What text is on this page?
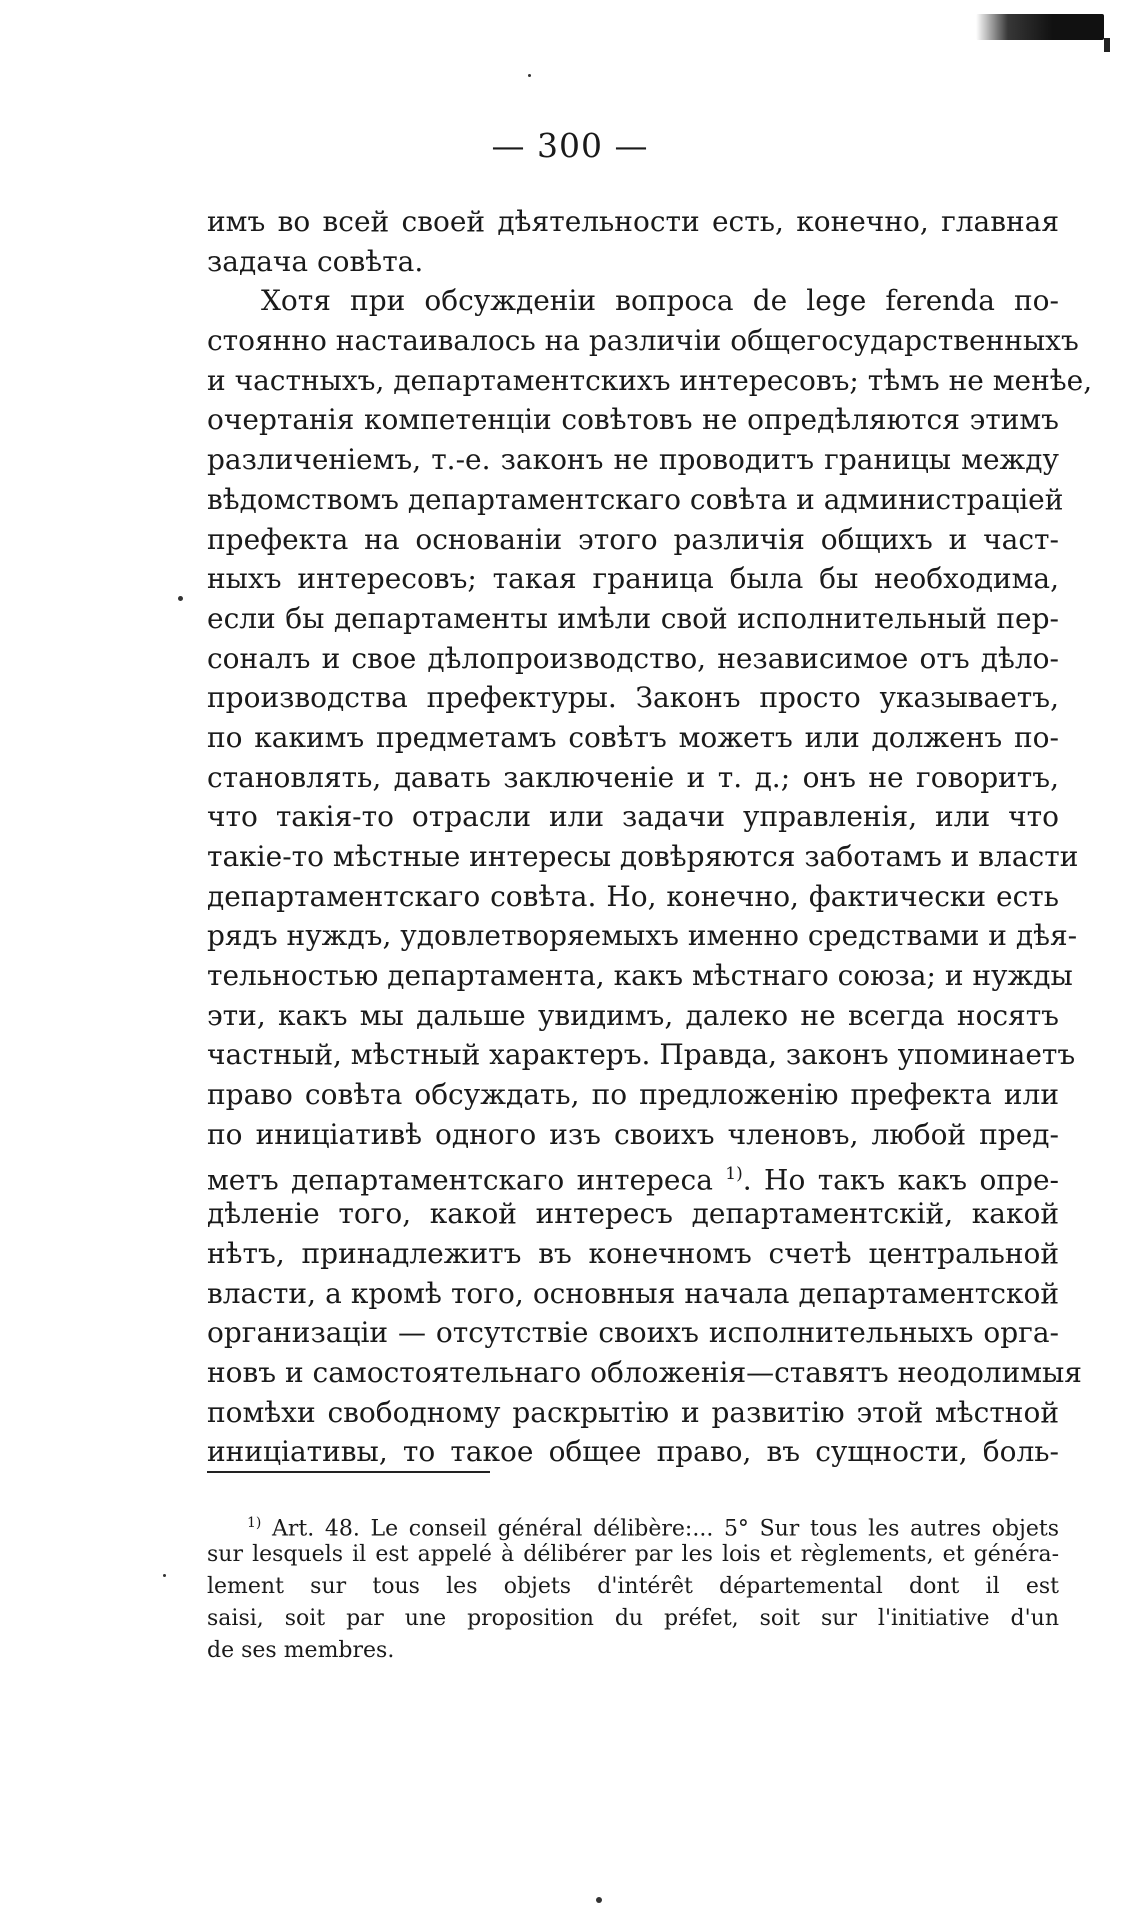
— 300 —
имъ во всей своей дѣятельности есть, конечно, главная
задача совѣта.
Хотя при обсужденіи вопроса de lege ferenda по-
стоянно настаивалось на различіи общегосударственныхъ
и частныхъ, департаментскихъ интересовъ; тѣмъ не менѣе,
очертанія компетенціи совѣтовъ не опредѣляются этимъ
различеніемъ, т.-е. законъ не проводитъ границы между
вѣдомствомъ департаментскаго совѣта и администраціей
префекта на основаніи этого различія общихъ и част-
ныхъ интересовъ; такая граница была бы необходима,
если бы департаменты имѣли свой исполнительный пер-
соналъ и свое дѣлопроизводство, независимое отъ дѣло-
производства префектуры. Законъ просто указываетъ,
по какимъ предметамъ совѣтъ можетъ или долженъ по-
становлять, давать заключеніе и т. д.; онъ не говоритъ,
что такія-то отрасли или задачи управленія, или что
такіе-то мѣстные интересы довѣряются заботамъ и власти
департаментскаго совѣта. Но, конечно, фактически есть
рядъ нуждъ, удовлетворяемыхъ именно средствами и дѣя-
тельностью департамента, какъ мѣстнаго союза; и нужды
эти, какъ мы дальше увидимъ, далеко не всегда носятъ
частный, мѣстный характеръ. Правда, законъ упоминаетъ
право совѣта обсуждать, по предложенію префекта или
по иниціативѣ одного изъ своихъ членовъ, любой пред-
метъ департаментскаго интереса $^{1)}$. Но такъ какъ опре-
дѣленіе того, какой интересъ департаментскій, какой
нѣтъ, принадлежитъ въ конечномъ счетѣ центральной
власти, а кромѣ того, основныя начала департаментской
организаціи — отсутствіе своихъ исполнительныхъ орга-
новъ и самостоятельнаго обложенія—ставятъ неодолимыя
помѣхи свободному раскрытію и развитію этой мѣстной
иниціативы, то такое общее право, въ сущности, боль-
$^{1)}$ Art. 48. Le conseil général délibère:... 5° Sur tous les autres objets
sur lesquels il est appelé à délibérer par les lois et règlements, et généra-
lement sur tous les objets d'intérêt départemental dont il est
saisi, soit par une proposition du préfet, soit sur l'initiative d'un
de ses membres.
